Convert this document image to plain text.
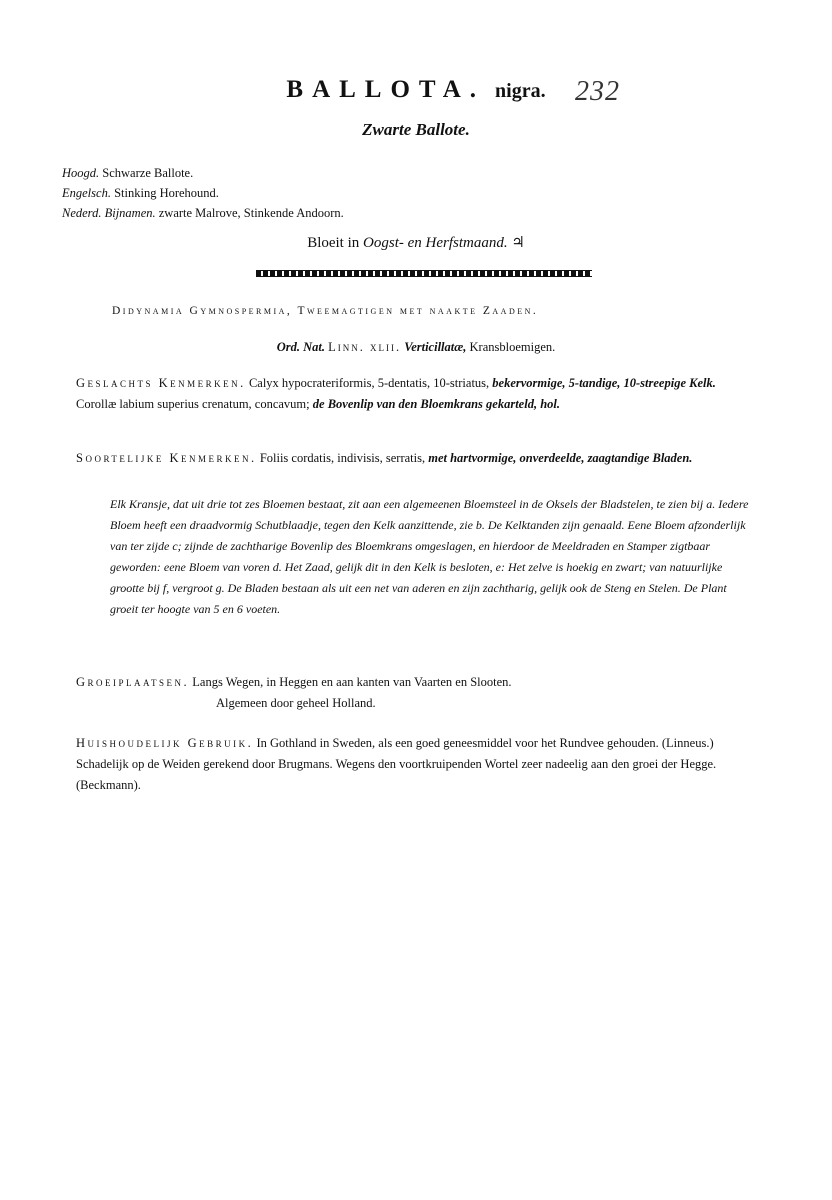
BALLOTA. nigra.	232
Zwarte Ballote.
Hoogd. Schwarze Ballote.
Engelsch. Stinking Horehound.
Nederd. Bijnamen. zwarte Malrove, Stinkende Andoorn.
Bloeit in Oogst- en Herfstmaand. ♃
Didynamia Gymnospermia, Tweemagtigen met naakte Zaaden.
Ord. Nat. Linn. xlii. Verticillatæ, Kransbloemigen.
Geslachts Kenmerken. Calyx hypocrateriformis, 5-dentatis, 10-striatus, bekervormige, 5-tandige, 10-streepige Kelk. Corollæ labium superius crenatum, concavum; de Bovenlip van den Bloemkrans gekarteld, hol.
Soortelijke Kenmerken. Foliis cordatis, indivisis, serratis, met hartvormige, onverdeelde, zaagtandige Bladen.
Elk Kransje, dat uit drie tot zes Bloemen bestaat, zit aan een algemeenen Bloemsteel in de Oksels der Bladstelen, te zien bij a. Iedere Bloem heeft een draadvormig Schutblaadje, tegen den Kelk aanzittende, zie b. De Kelktanden zijn genaald. Eene Bloem afzonderlijk van ter zijde c; zijnde de zachtharige Bovenlip des Bloemkrans omgeslagen, en hierdoor de Meeldraden en Stamper zigtbaar geworden: eene Bloem van voren d. Het Zaad, gelijk dit in den Kelk is besloten, e: Het zelve is hoekig en zwart; van natuurlijke grootte bij f, vergroot g. De Bladen bestaan als uit een net van aderen en zijn zachtharig, gelijk ook de Steng en Stelen. De Plant groeit ter hoogte van 5 en 6 voeten.
Groeiplaatsen. Langs Wegen, in Heggen en aan kanten van Vaarten en Slooten.
Algemeen door geheel Holland.
Huishoudelijk Gebruik. In Gothland in Sweden, als een goed geneesmiddel voor het Rundvee gehouden. (Linneus.) Schadelijk op de Weiden gerekend door Brugmans. Wegens den voortkruipenden Wortel zeer nadeelig aan den groei der Hegge. (Beckmann).
